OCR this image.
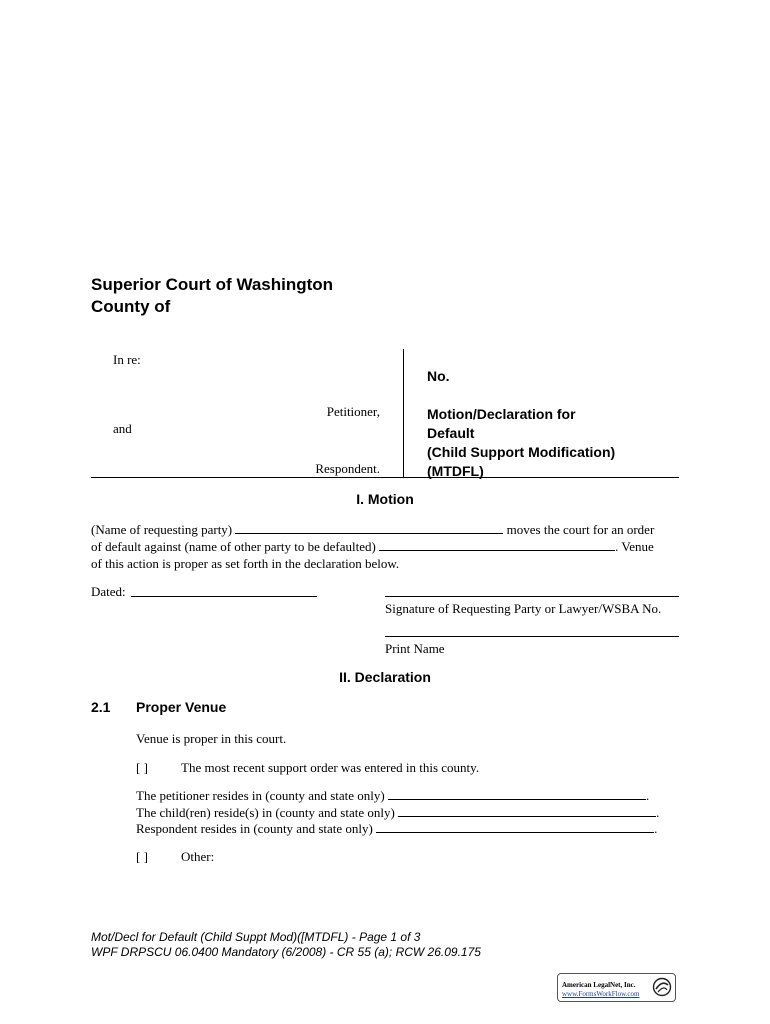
Superior Court of Washington
County of
In re:
Petitioner,
and
Respondent.
No.
Motion/Declaration for
Default
(Child Support Modification)
(MTDFL)
I. Motion
(Name of requesting party)	moves the court for an order
of default against (name of other party to be defaulted)	. Venue
of this action is proper as set forth in the declaration below.
Dated:
Signature of Requesting Party or Lawyer/WSBA No.
Print Name
II. Declaration
2.1 Proper Venue
Venue is proper in this court.
[ ]	The most recent support order was entered in this county.
The petitioner resides in (county and state only)	.
The child(ren) reside(s) in (county and state only)	.
Respondent resides in (county and state only)	.
[ ]	Other:
Mot/Decl for Default (Child Suppt Mod)([MTDFL) - Page 1 of 3
WPF DRPSCU 06.0400 Mandatory (6/2008) - CR 55 (a); RCW 26.09.175
American LegalNet, Inc.
www.FormsWorkFlow.com
